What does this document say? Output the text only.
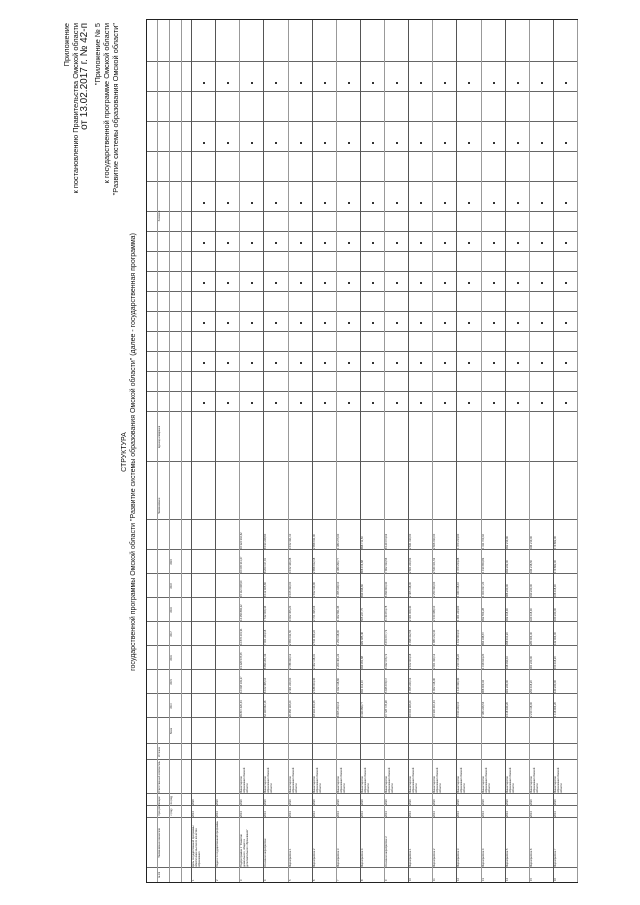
Приложение к постановлению Правительства Омской области от 13.02.2017 г. № 42-п "Приложение № 5 к государственной программе Омской области "Развитие системы образования Омской области"
СТРУКТУРА государственной программы Омской области "Развитие системы образования Омской области" (далее - государственная программа)
№ п/п
Наименование показателя
Срок реализации	с (год)
по (год)
Ответственный исполнитель
Источник
Всего
2014
2015
2016
2017
2018
2019
2020
Наименование
Единица измерения
Значение
1
Цель государственной программы: обеспечение высокого качества образования
2014
2020
2
Задача 1 государственной программы
2014
2020
3
Подпрограмма 1 "Развитие дошкольного, общего и дополнительного образования"
2014
2020
Министерство образования Омской области
99 847 420,44
12 048 133,27
13 226 578,05
12 876 201,91
14 256 884,22
15 112 008,90
16 005 311,47
16 322 302,62
4
Основное мероприятие
2014
2020
Министерство образования Омской области
52 118 642,16
6 102 455,10
6 894 201,33
7 001 224,18
7 512 009,44
8 112 405,60
8 203 117,91
8 193 228,60
5
Мероприятие 1
2014
2020
Министерство образования Омской области
20 456 118,20
2 401 220,00
2 788 330,12
2 854 011,50
3 002 455,20
3 105 330,00
3 152 440,28
3 152 331,10
6
Мероприятие 2
2014
2020
Министерство образования Омской области
18 332 401,05
2 188 004,40
2 402 118,31
2 511 009,22
2 701 335,04
2 812 110,90
2 858 912,18
2 858 911,00
7
Мероприятие 3
2014
2020
Министерство образования Омской области
8 905 223,14
1 022 118,60
1 204 401,22
1 254 118,00
1 302 991,45
1 355 028,10
1 383 290,77
1 383 275,00
8
Мероприятие 4
2014
2020
Министерство образования Омской области
4 424 899,77
491 112,10
499 351,68
382 085,46
505 227,75
839 936,60
808 474,68
898 711,50
9
Основное мероприятие 2
2014
2020
Министерство образования Омской области
47 728 778,28
5 945 678,17
6 332 376,72
5 874 977,73
6 744 874,78
6 999 603,30
7 802 193,56
8 129 074,02
10
Мероприятие 1
2014
2020
Министерство образования Омской области
16 004 118,20
1 955 220,13
2 102 004,18
1 998 412,56
2 301 009,40
2 405 118,00
2 601 223,93
2 641 130,00
11
Мероприятие 2
2014
2020
Министерство образования Омской области
15 330 210,44
1 902 118,30
2 001 330,12
1 880 212,40
2 150 088,10
2 250 330,00
2 540 101,52
2 606 030,00
12
Мероприятие 3
2014
2020
Министерство образования Омской области
9 014 223,10
1 120 330,40
1 210 118,22
1 102 004,10
1 301 224,00
1 340 118,10
1 470 214,28
1 470 214,00
13
Мероприятие 4
2014
2020
Министерство образования Омской области
7 380 226,54
968 009,34
1 018 924,20
894 348,67
992 553,28
1 004 037,20
1 190 653,83
1 411 700,02
14
Мероприятие 5
2014
2020
Министерство образования Омской области
3 118 440,20
401 220,00
418 330,10
398 110,20
452 118,00
466 220,00
490 222,00
492 219,90
15
Мероприятие 6
2014
2020
Министерство образования Омской области
2 210 118,00
290 118,20
301 220,00
280 004,30
320 118,00
330 220,00
344 218,50
344 219,00
16
Мероприятие 7
2014
2020
Министерство образования Омской области
1 118 004,20
140 220,00
150 118,20
142 004,00
160 220,00
166 118,00
179 662,00
179 662,00
